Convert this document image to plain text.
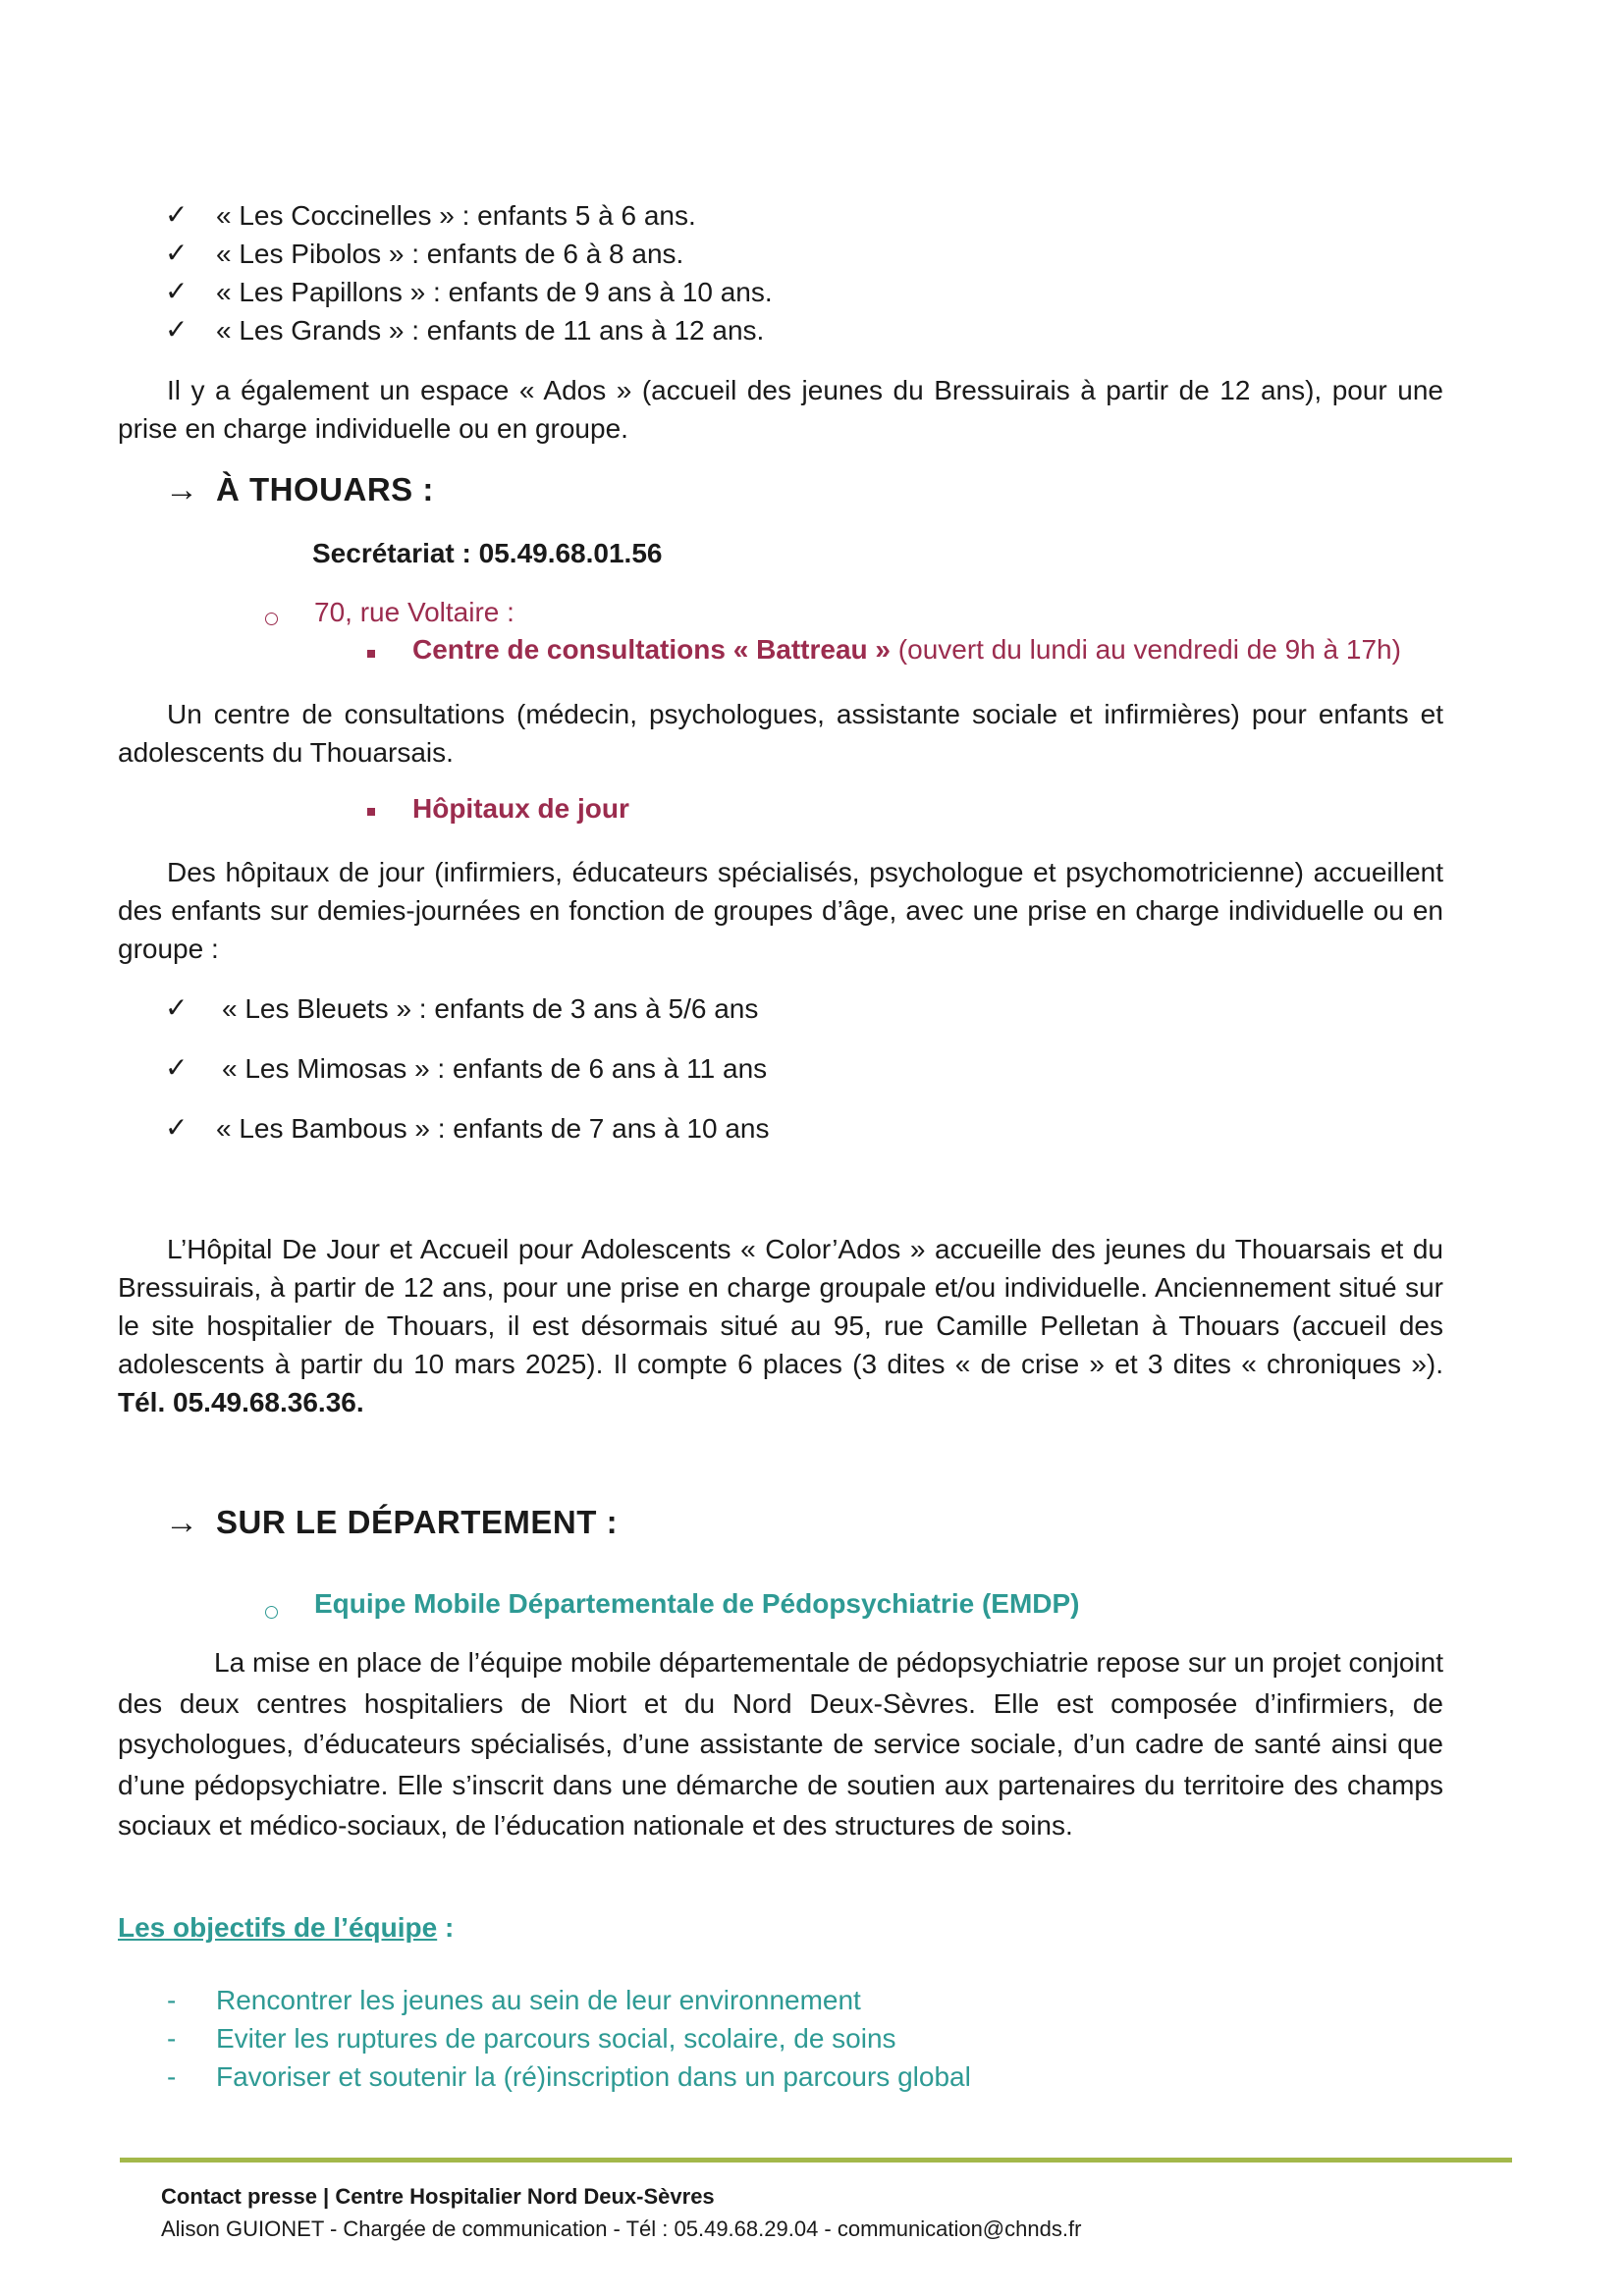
✓ « Les Coccinelles » : enfants 5 à 6 ans.
✓ « Les Pibolos » : enfants de 6 à 8 ans.
✓ « Les Papillons » : enfants de 9 ans à 10 ans.
✓ « Les Grands » : enfants de 11 ans à 12 ans.

Il y a également un espace « Ados » (accueil des jeunes du Bressuirais à partir de 12 ans), pour une prise en charge individuelle ou en groupe.

→ À THOUARS :
Secrétariat : 05.49.68.01.56
70, rue Voltaire :
Centre de consultations « Battreau » (ouvert du lundi au vendredi de 9h à 17h)

Un centre de consultations (médecin, psychologues, assistante sociale et infirmières) pour enfants et adolescents du Thouarsais.

Hôpitaux de jour

Des hôpitaux de jour (infirmiers, éducateurs spécialisés, psychologue et psychomotricienne) accueillent des enfants sur demies-journées en fonction de groupes d’âge, avec une prise en charge individuelle ou en groupe :

✓ « Les Bleuets » : enfants de 3 ans à 5/6 ans
✓ « Les Mimosas » : enfants de 6 ans à 11 ans
✓ « Les Bambous » : enfants de 7 ans à 10 ans

L’Hôpital De Jour et Accueil pour Adolescents « Color’Ados » accueille des jeunes du Thouarsais et du Bressuirais, à partir de 12 ans, pour une prise en charge groupale et/ou individuelle. Anciennement situé sur le site hospitalier de Thouars, il est désormais situé au 95, rue Camille Pelletan à Thouars (accueil des adolescents à partir du 10 mars 2025). Il compte 6 places (3 dites « de crise » et 3 dites « chroniques »). Tél. 05.49.68.36.36.

→ SUR LE DÉPARTEMENT :
Equipe Mobile Départementale de Pédopsychiatrie (EMDP)

La mise en place de l’équipe mobile départementale de pédopsychiatrie repose sur un projet conjoint des deux centres hospitaliers de Niort et du Nord Deux-Sèvres. Elle est composée d’infirmiers, de psychologues, d’éducateurs spécialisés, d’une assistante de service sociale, d’un cadre de santé ainsi que d’une pédopsychiatre. Elle s’inscrit dans une démarche de soutien aux partenaires du territoire des champs sociaux et médico-sociaux, de l’éducation nationale et des structures de soins.

Les objectifs de l’équipe :
- Rencontrer les jeunes au sein de leur environnement
- Eviter les ruptures de parcours social, scolaire, de soins
- Favoriser et soutenir la (ré)inscription dans un parcours global
Contact presse | Centre Hospitalier Nord Deux-Sèvres
Alison GUIONET - Chargée de communication - Tél : 05.49.68.29.04 - communication@chnds.fr
